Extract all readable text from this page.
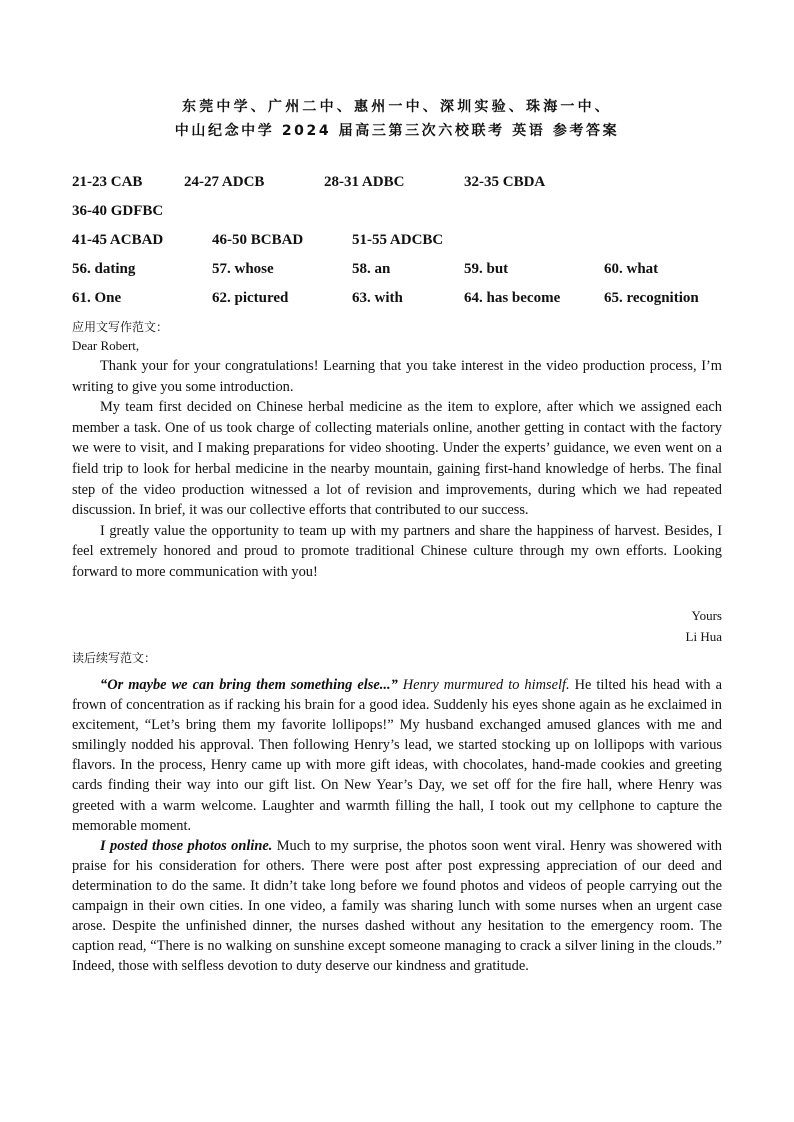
东莞中学、广州二中、惠州一中、深圳实验、珠海一中、
中山纪念中学 2024 届高三第三次六校联考 英语 参考答案
21-23 CAB	24-27 ADCB	28-31 ADBC	32-35 CBDA
36-40 GDFBC
41-45 ACBAD	46-50 BCBAD	51-55 ADCBC
56. dating	57. whose	58. an	59. but	60. what
61. One	62. pictured	63. with	64. has become	65. recognition
应用文写作范文：
Dear Robert,

Thank your for your congratulations! Learning that you take interest in the video production process, I’m writing to give you some introduction.

My team first decided on Chinese herbal medicine as the item to explore, after which we assigned each member a task. One of us took charge of collecting materials online, another getting in contact with the factory we were to visit, and I making preparations for video shooting. Under the experts’ guidance, we even went on a field trip to look for herbal medicine in the nearby mountain, gaining first-hand knowledge of herbs. The final step of the video production witnessed a lot of revision and improvements, during which we had repeated discussion. In brief, it was our collective efforts that contributed to our success.

I greatly value the opportunity to team up with my partners and share the happiness of harvest. Besides, I feel extremely honored and proud to promote traditional Chinese culture through my own efforts. Looking forward to more communication with you!

Yours
Li Hua
读后续写范文：

“Or maybe we can bring them something else...” Henry murmured to himself. He tilted his head with a frown of concentration as if racking his brain for a good idea. Suddenly his eyes shone again as he exclaimed in excitement, “Let’s bring them my favorite lollipops!” My husband exchanged amused glances with me and smilingly nodded his approval. Then following Henry’s lead, we started stocking up on lollipops with various flavors. In the process, Henry came up with more gift ideas, with chocolates, hand-made cookies and greeting cards finding their way into our gift list. On New Year’s Day, we set off for the fire hall, where Henry was greeted with a warm welcome. Laughter and warmth filling the hall, I took out my cellphone to capture the memorable moment.

I posted those photos online. Much to my surprise, the photos soon went viral. Henry was showered with praise for his consideration for others. There were post after post expressing appreciation of our deed and determination to do the same. It didn’t take long before we found photos and videos of people carrying out the campaign in their own cities. In one video, a family was sharing lunch with some nurses when an urgent case arose. Despite the unfinished dinner, the nurses dashed without any hesitation to the emergency room. The caption read, “There is no walking on sunshine except someone managing to crack a silver lining in the clouds.” Indeed, those with selfless devotion to duty deserve our kindness and gratitude.
